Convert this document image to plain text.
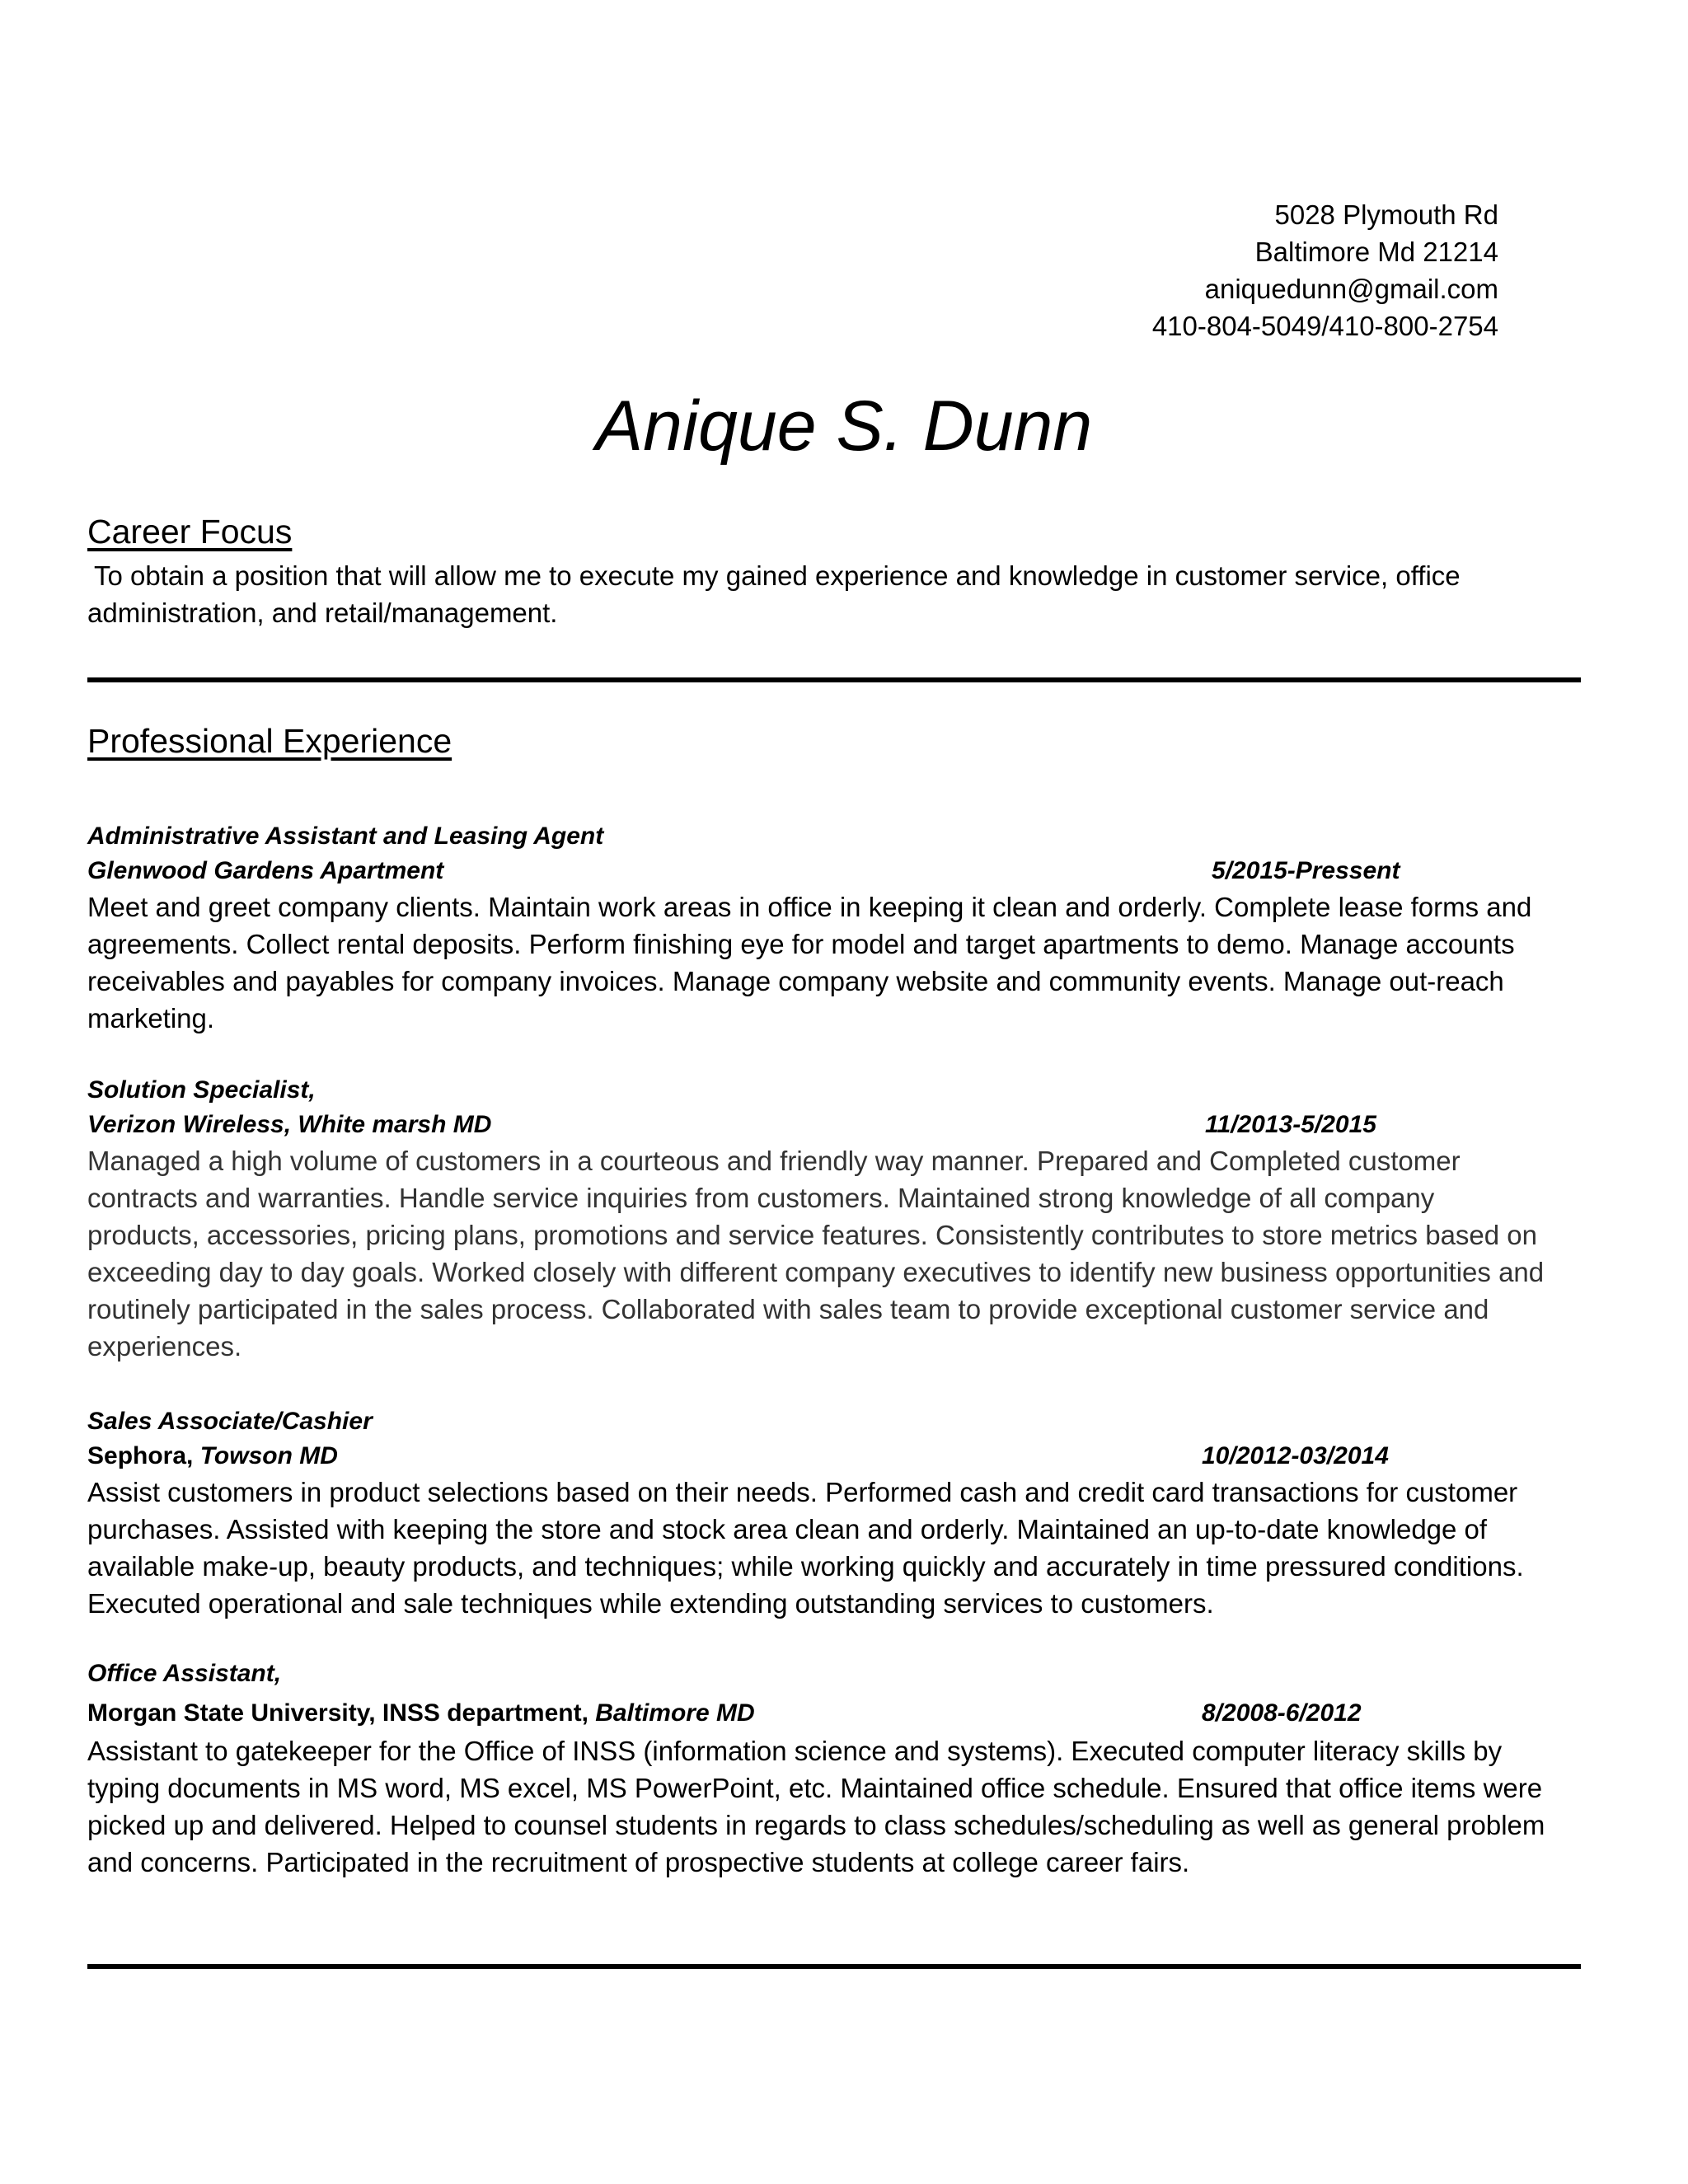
5028 Plymouth Rd
Baltimore Md 21214
aniquedunn@gmail.com
410-804-5049/410-800-2754
Anique S. Dunn
Career Focus
To obtain a position that will allow me to execute my gained experience and knowledge in customer service, office
administration, and retail/management.
Professional Experience
Administrative Assistant and Leasing Agent
Glenwood Gardens Apartment	5/2015-Pressent
Meet and greet company clients. Maintain work areas in office in keeping it clean and orderly. Complete lease forms and
agreements. Collect rental deposits. Perform finishing eye for model and target apartments to demo. Manage accounts
receivables and payables for company invoices. Manage company website and community events. Manage out-reach
marketing.
Solution Specialist,
Verizon Wireless, White marsh MD	11/2013-5/2015
Managed a high volume of customers in a courteous and friendly way manner. Prepared and Completed customer
contracts and warranties. Handle service inquiries from customers. Maintained strong knowledge of all company
products, accessories, pricing plans, promotions and service features. Consistently contributes to store metrics based on
exceeding day to day goals. Worked closely with different company executives to identify new business opportunities and
routinely participated in the sales process. Collaborated with sales team to provide exceptional customer service and
experiences.
Sales Associate/Cashier
Sephora, Towson MD	10/2012-03/2014
Assist customers in product selections based on their needs. Performed cash and credit card transactions for customer
purchases. Assisted with keeping the store and stock area clean and orderly. Maintained an up-to-date knowledge of
available make-up, beauty products, and techniques; while working quickly and accurately in time pressured conditions.
Executed operational and sale techniques while extending outstanding services to customers.
Office Assistant,
Morgan State University, INSS department, Baltimore MD	8/2008-6/2012
Assistant to gatekeeper for the Office of INSS (information science and systems). Executed computer literacy skills by
typing documents in MS word, MS excel, MS PowerPoint, etc. Maintained office schedule. Ensured that office items were
picked up and delivered. Helped to counsel students in regards to class schedules/scheduling as well as general problem
and concerns. Participated in the recruitment of prospective students at college career fairs.
